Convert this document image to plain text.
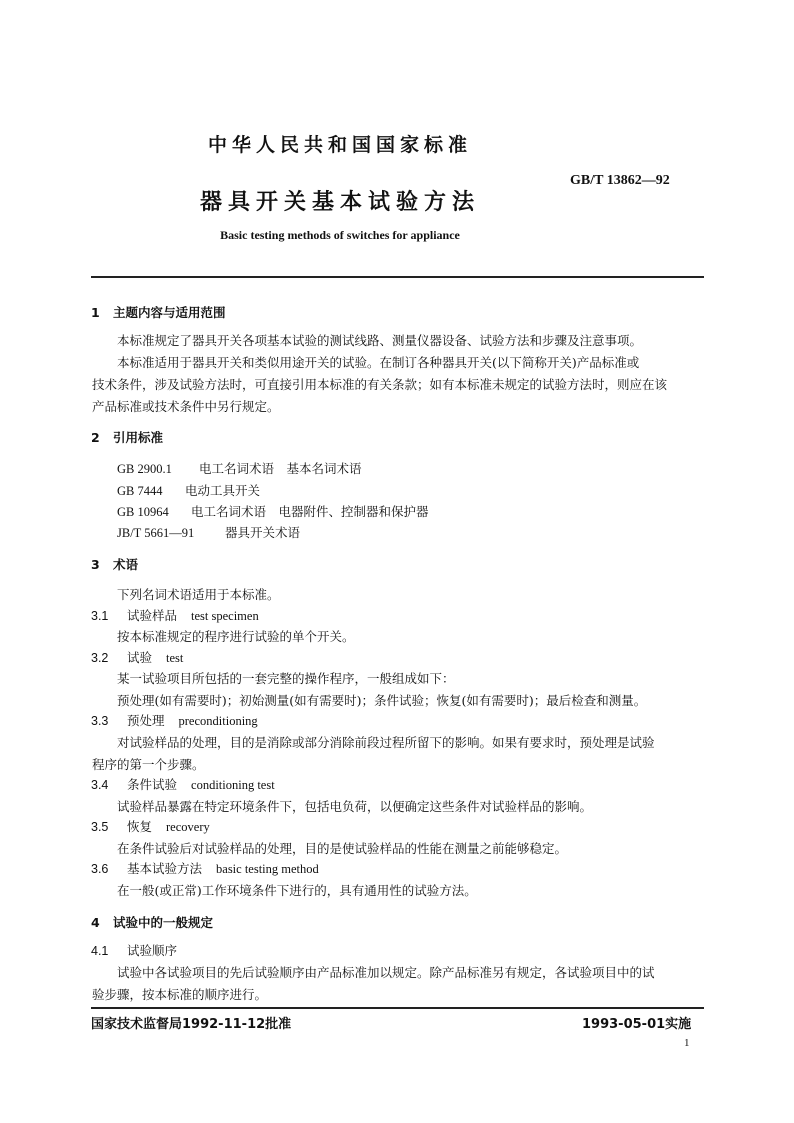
中华人民共和国国家标准
GB/T 13862—92
器具开关基本试验方法
Basic testing methods of switches for appliance
1 主题内容与适用范围
本标准规定了器具开关各项基本试验的测试线路、测量仪器设备、试验方法和步骤及注意事项。
本标准适用于器具开关和类似用途开关的试验。在制订各种器具开关(以下简称开关)产品标准或
技术条件，涉及试验方法时，可直接引用本标准的有关条款；如有本标准未规定的试验方法时，则应在该
产品标准或技术条件中另行规定。
2 引用标准
GB 2900.1 电工名词术语　基本名词术语
GB 7444 电动工具开关
GB 10964 电工名词术语　电器附件、控制器和保护器
JB/T 5661—91 器具开关术语
3 术语
下列名词术语适用于本标准。
3.1 试验样品 test specimen
按本标准规定的程序进行试验的单个开关。
3.2 试验 test
某一试验项目所包括的一套完整的操作程序，一般组成如下：
预处理(如有需要时)；初始测量(如有需要时)；条件试验；恢复(如有需要时)；最后检查和测量。
3.3 预处理 preconditioning
对试验样品的处理，目的是消除或部分消除前段过程所留下的影响。如果有要求时，预处理是试验
程序的第一个步骤。
3.4 条件试验 conditioning test
试验样品暴露在特定环境条件下，包括电负荷，以便确定这些条件对试验样品的影响。
3.5 恢复 recovery
在条件试验后对试验样品的处理，目的是使试验样品的性能在测量之前能够稳定。
3.6 基本试验方法 basic testing method
在一般(或正常)工作环境条件下进行的，具有通用性的试验方法。
4 试验中的一般规定
4.1 试验顺序
试验中各试验项目的先后试验顺序由产品标准加以规定。除产品标准另有规定，各试验项目中的试
验步骤，按本标准的顺序进行。
国家技术监督局1992-11-12批准	1993-05-01实施
1
